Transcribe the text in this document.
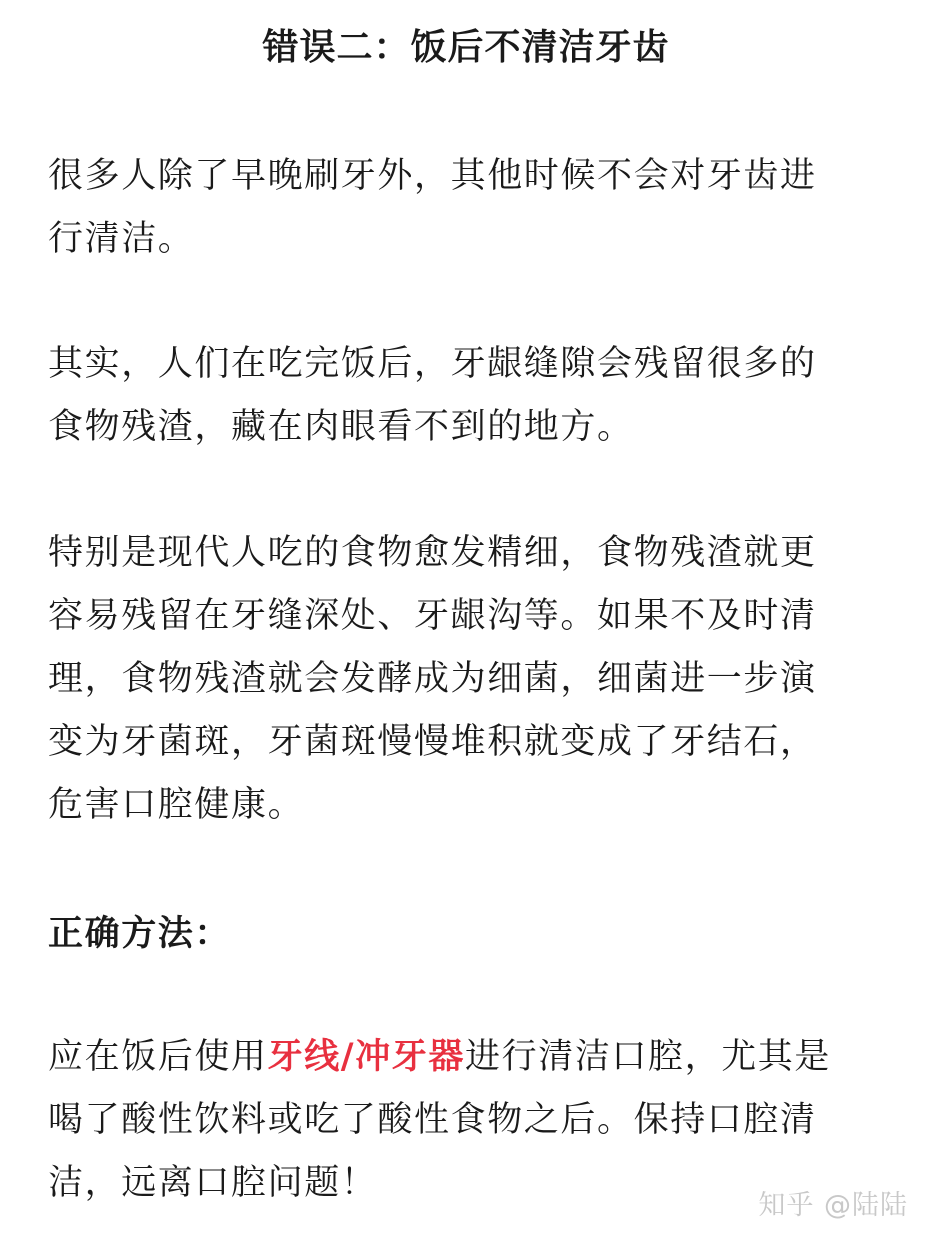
错误二：饭后不清洁牙齿

很多人除了早晚刷牙外，其他时候不会对牙齿进
行清洁。

其实，人们在吃完饭后，牙龈缝隙会残留很多的
食物残渣，藏在肉眼看不到的地方。

特别是现代人吃的食物愈发精细，食物残渣就更
容易残留在牙缝深处、牙龈沟等。如果不及时清
理，食物残渣就会发酵成为细菌，细菌进一步演
变为牙菌斑，牙菌斑慢慢堆积就变成了牙结石，
危害口腔健康。

正确方法：

应在饭后使用牙线/冲牙器进行清洁口腔，尤其是
喝了酸性饮料或吃了酸性食物之后。保持口腔清
洁，远离口腔问题！

知乎 @陆陆
